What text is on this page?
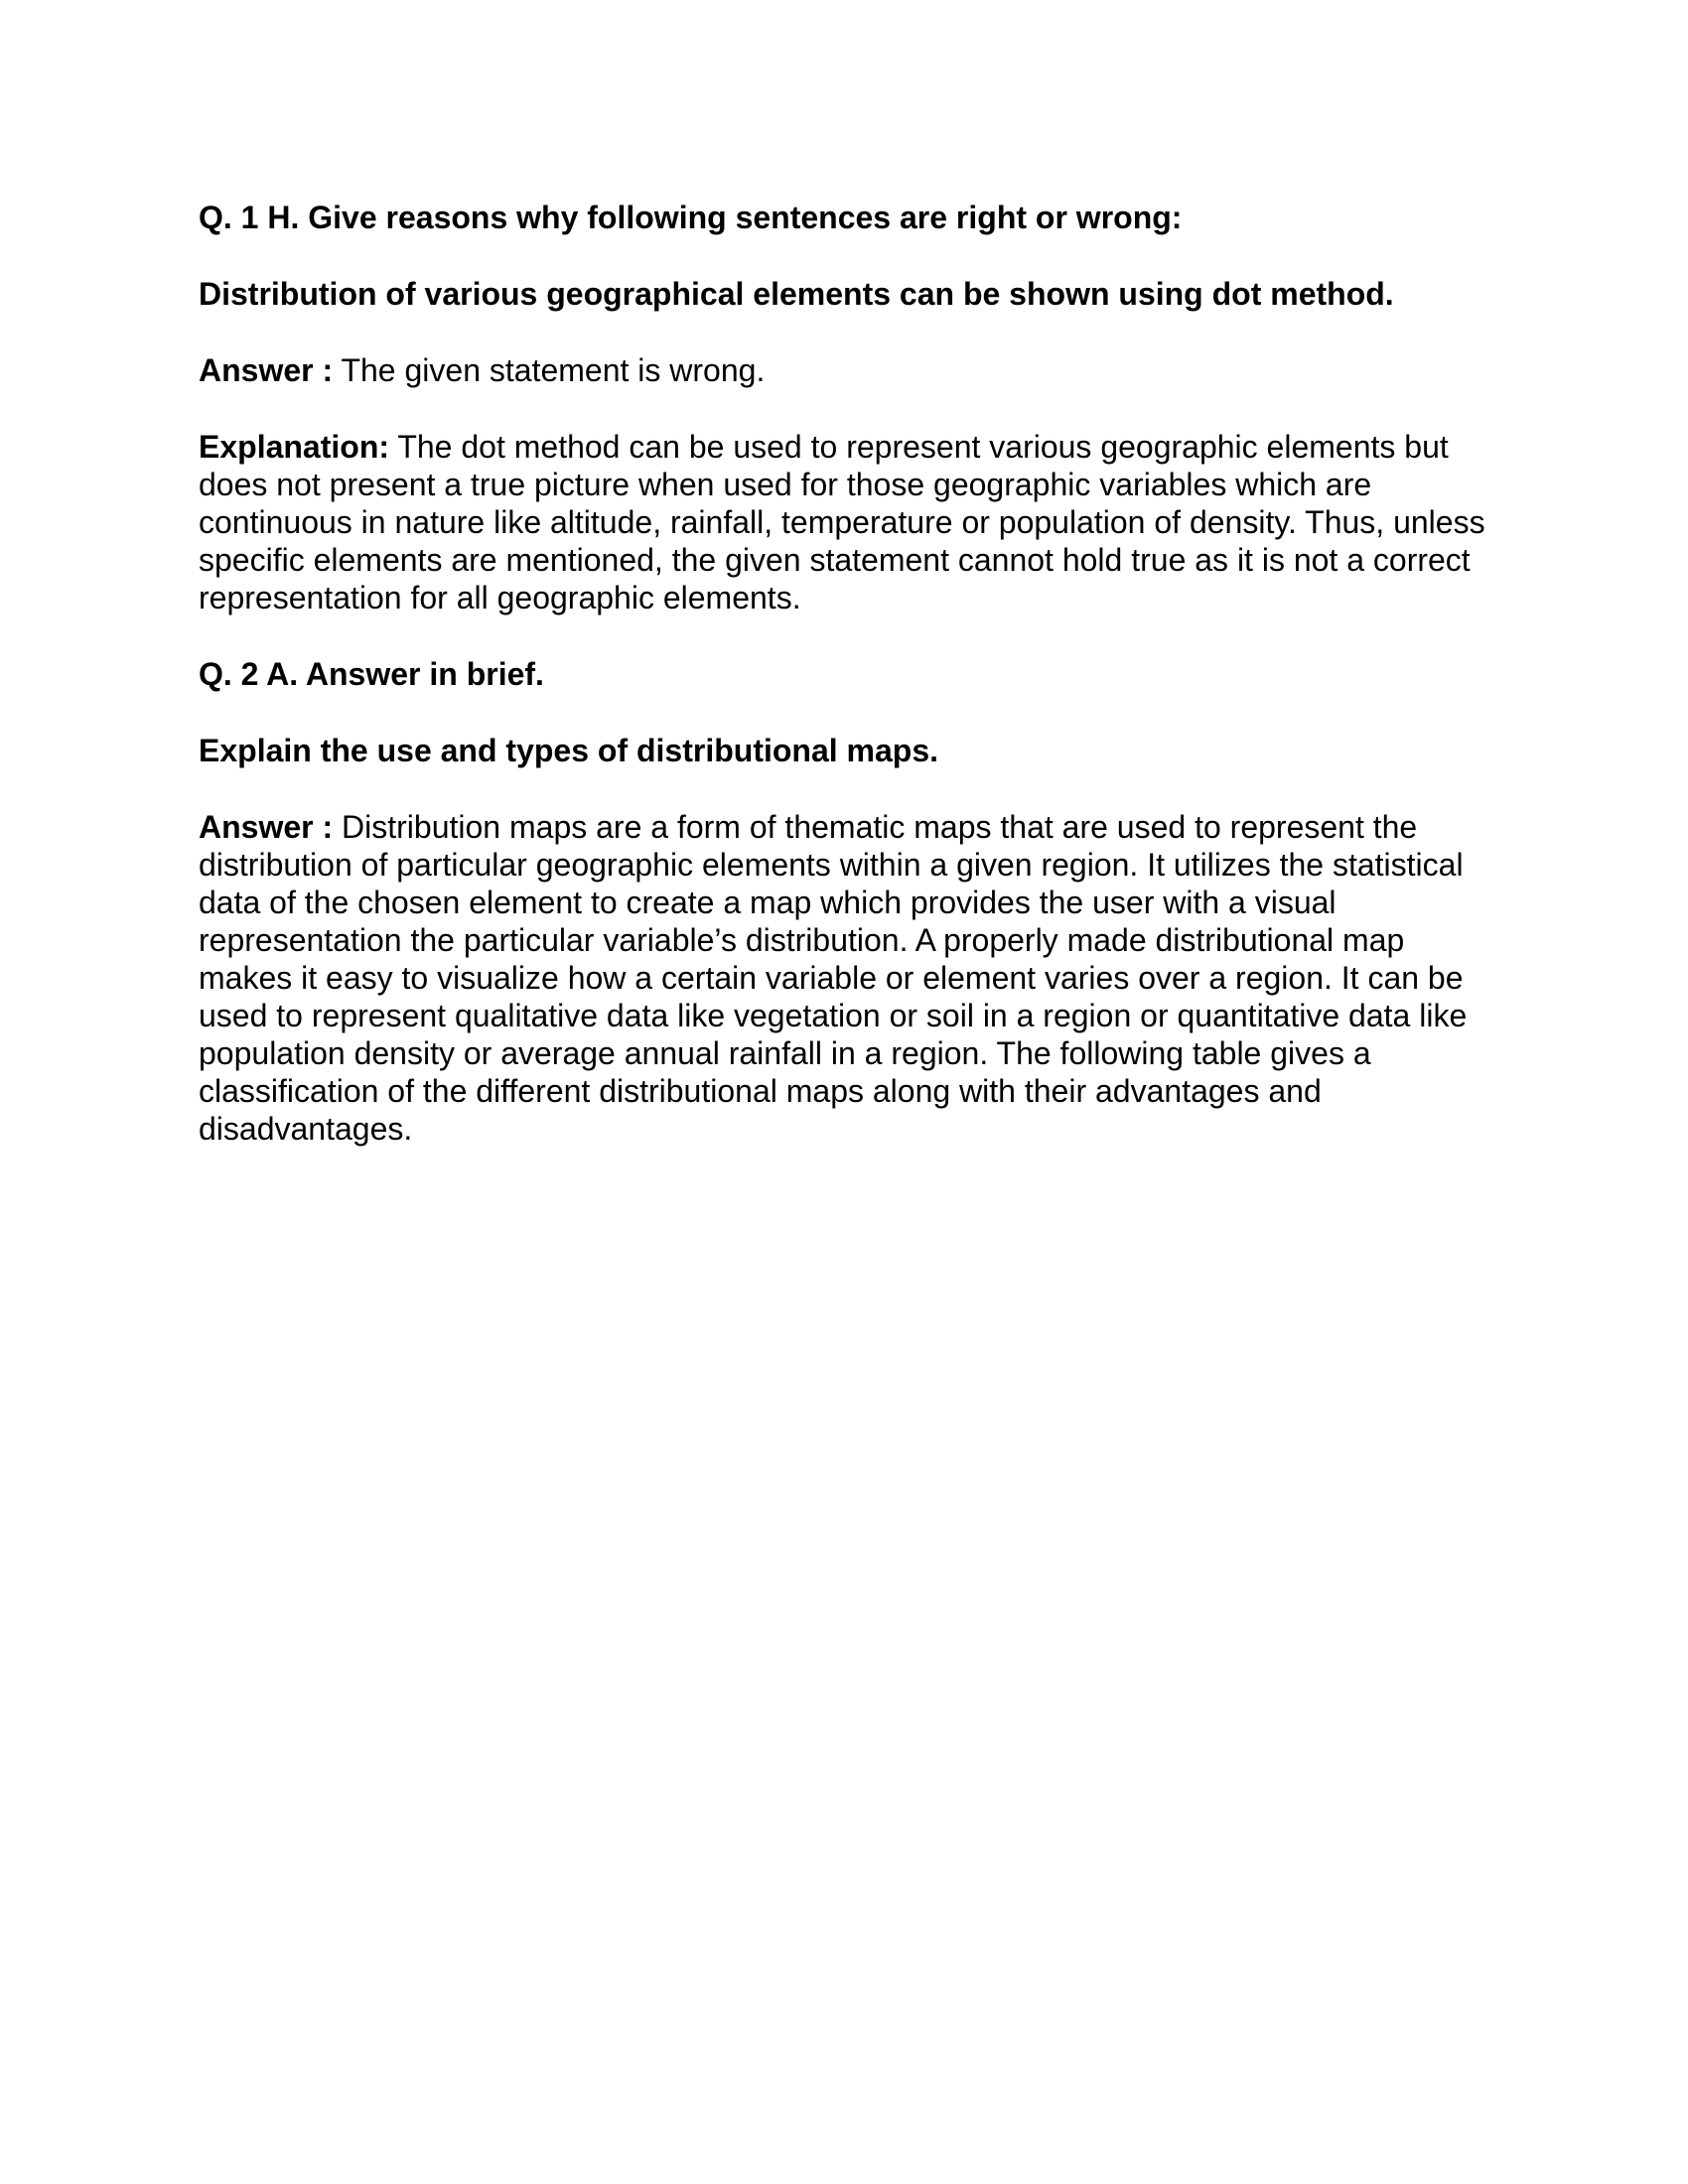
Q. 1 H. Give reasons why following sentences are right or wrong:

Distribution of various geographical elements can be shown using dot method.

Answer : The given statement is wrong.

Explanation: The dot method can be used to represent various geographic elements but does not present a true picture when used for those geographic variables which are continuous in nature like altitude, rainfall, temperature or population of density. Thus, unless specific elements are mentioned, the given statement cannot hold true as it is not a correct representation for all geographic elements.

Q. 2 A. Answer in brief.

Explain the use and types of distributional maps.

Answer : Distribution maps are a form of thematic maps that are used to represent the distribution of particular geographic elements within a given region. It utilizes the statistical data of the chosen element to create a map which provides the user with a visual representation the particular variable’s distribution. A properly made distributional map makes it easy to visualize how a certain variable or element varies over a region. It can be used to represent qualitative data like vegetation or soil in a region or quantitative data like population density or average annual rainfall in a region. The following table gives a classification of the different distributional maps along with their advantages and disadvantages.
